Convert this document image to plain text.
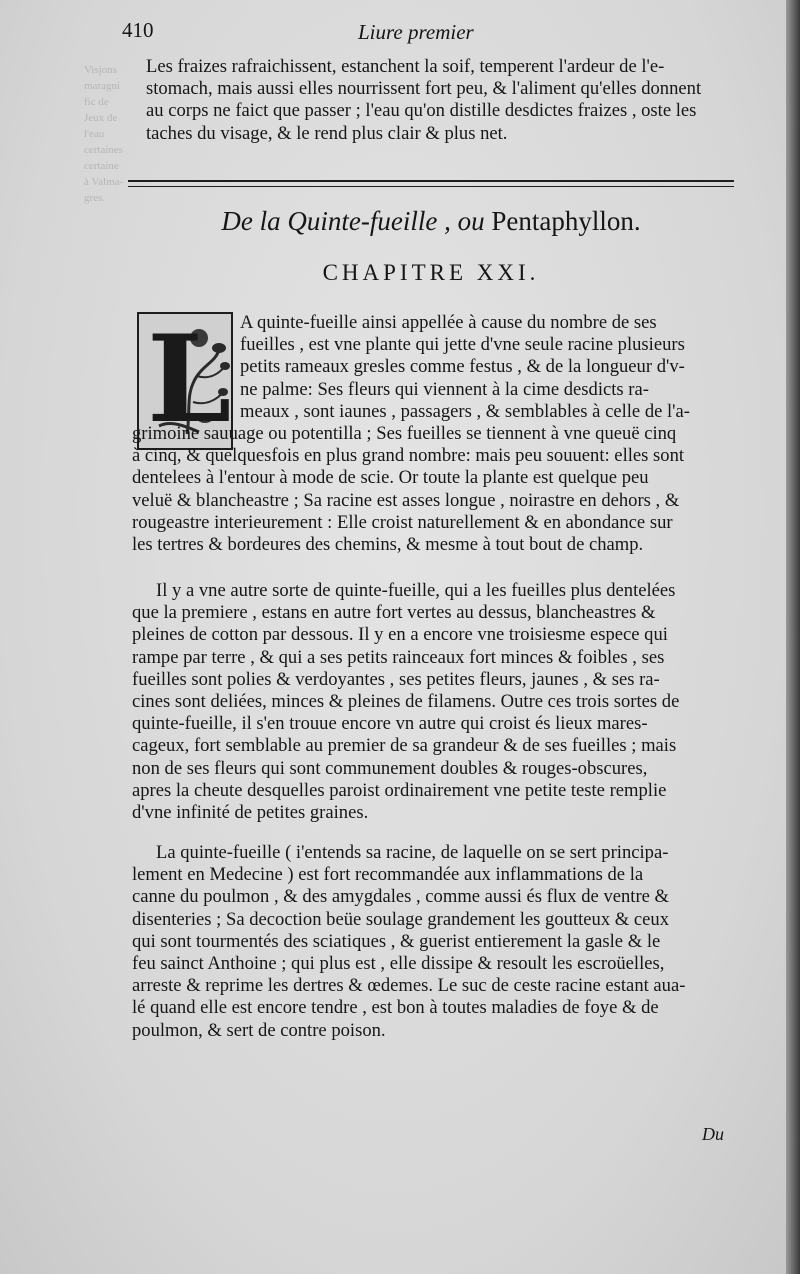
Visjons
maragni
fic de
Jeux de
l'eau
certaines
certaine
à Valma-
gres.
410	Liure premier
Les fraizes rafraichissent, estanchent la soif, temperent l'ardeur de l'e-
stomach, mais aussi elles nourrissent fort peu, & l'aliment qu'elles donnent
au corps ne faict que passer ; l'eau qu'on distille desdictes fraizes , oste les
taches du visage, & le rend plus clair & plus net.
De la Quinte-fueille , ou Pentaphyllon.
CHAPITRE XXI.
L A quinte-fueille ainsi appellée à cause du nombre de ses
fueilles , est vne plante qui jette d'vne seule racine plusieurs
petits rameaux gresles comme festus , & de la longueur d'v-
ne palme: Ses fleurs qui viennent à la cime desdicts ra-
meaux , sont iaunes , passagers , & semblables à celle de l'a-
grimoine sauuage ou potentilla ; Ses fueilles se tiennent à vne queuë cinq
à cinq, & quelquesfois en plus grand nombre: mais peu souuent: elles sont
dentelees à l'entour à mode de scie. Or toute la plante est quelque peu
veluë & blancheastre ; Sa racine est asses longue , noirastre en dehors , &
rougeastre interieurement : Elle croist naturellement & en abondance sur
les tertres & bordeures des chemins, & mesme à tout bout de champ.
Il y a vne autre sorte de quinte-fueille, qui a les fueilles plus dentelées
que la premiere , estans en autre fort vertes au dessus, blancheastres &
pleines de cotton par dessous. Il y en a encore vne troisiesme espece qui
rampe par terre , & qui a ses petits rainceaux fort minces & foibles , ses
fueilles sont polies & verdoyantes , ses petites fleurs, jaunes , & ses ra-
cines sont deliées, minces & pleines de filamens. Outre ces trois sortes de
quinte-fueille, il s'en trouue encore vn autre qui croist és lieux mares-
cageux, fort semblable au premier de sa grandeur & de ses fueilles ; mais
non de ses fleurs qui sont communement doubles & rouges-obscures,
apres la cheute desquelles paroist ordinairement vne petite teste remplie
d'vne infinité de petites graines.
La quinte-fueille ( i'entends sa racine, de laquelle on se sert principa-
lement en Medecine ) est fort recommandée aux inflammations de la
canne du poulmon , & des amygdales , comme aussi és flux de ventre &
disenteries ; Sa decoction beüe soulage grandement les goutteux & ceux
qui sont tourmentés des sciatiques , & guerist entierement la gasle & le
feu sainct Anthoine ; qui plus est , elle dissipe & resoult les escroüelles,
arreste & reprime les dertres & œdemes. Le suc de ceste racine estant aua-
lé quand elle est encore tendre , est bon à toutes maladies de foye & de
poulmon, & sert de contre poison.
Du
